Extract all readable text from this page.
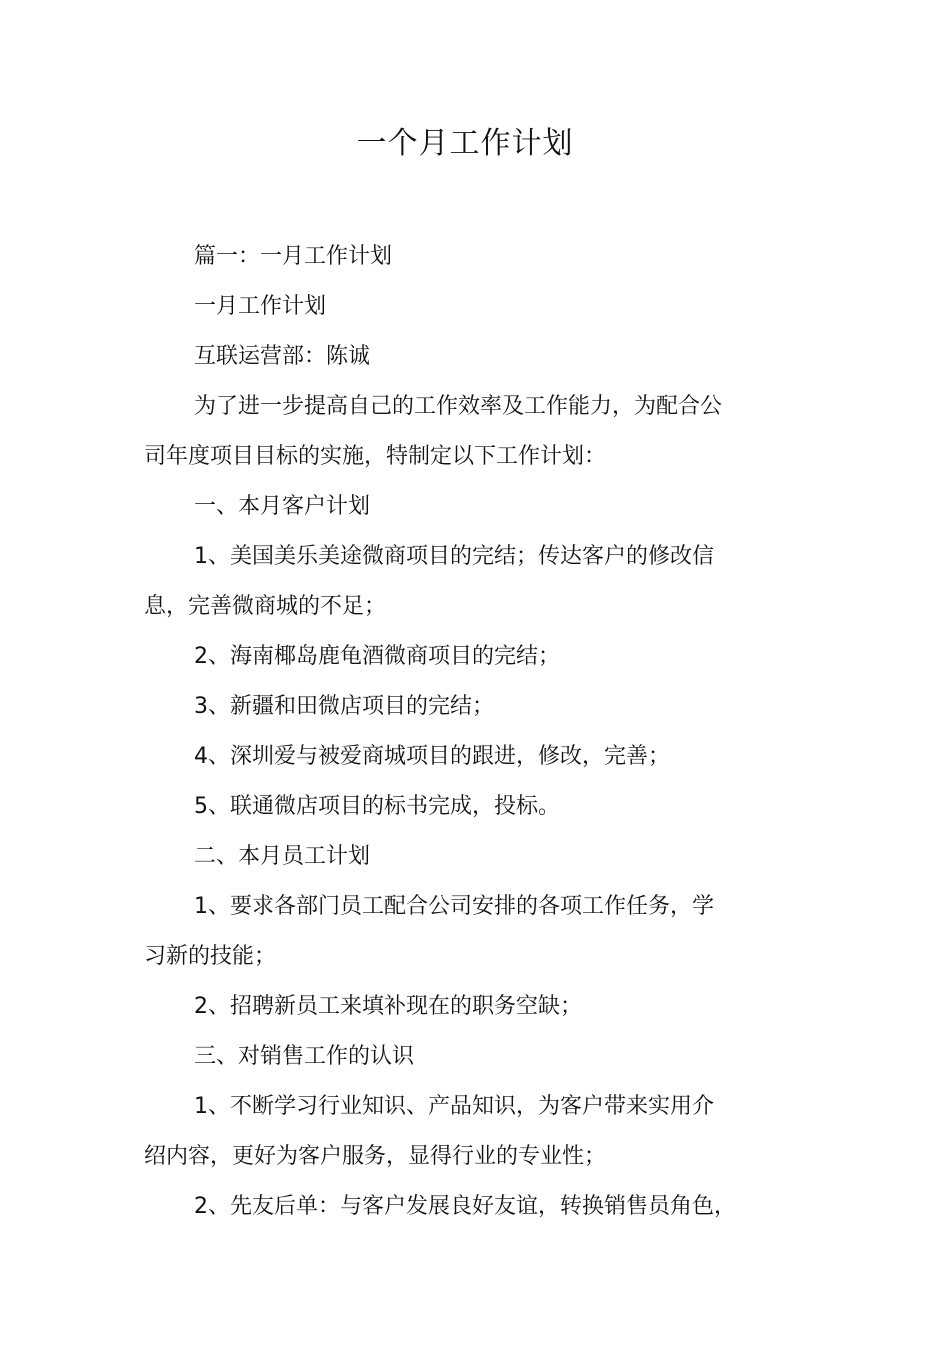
一个月工作计划
篇一：一月工作计划
一月工作计划
互联运营部：陈诚
为了进一步提高自己的工作效率及工作能力，为配合公
司年度项目目标的实施，特制定以下工作计划：
一、本月客户计划
1、美国美乐美途微商项目的完结；传达客户的修改信
息，完善微商城的不足；
2、海南椰岛鹿龟酒微商项目的完结；
3、新疆和田微店项目的完结；
4、深圳爱与被爱商城项目的跟进，修改，完善；
5、联通微店项目的标书完成，投标。
二、本月员工计划
1、要求各部门员工配合公司安排的各项工作任务，学
习新的技能；
2、招聘新员工来填补现在的职务空缺；
三、对销售工作的认识
1、不断学习行业知识、产品知识，为客户带来实用介
绍内容，更好为客户服务，显得行业的专业性；
2、先友后单：与客户发展良好友谊，转换销售员角色，
